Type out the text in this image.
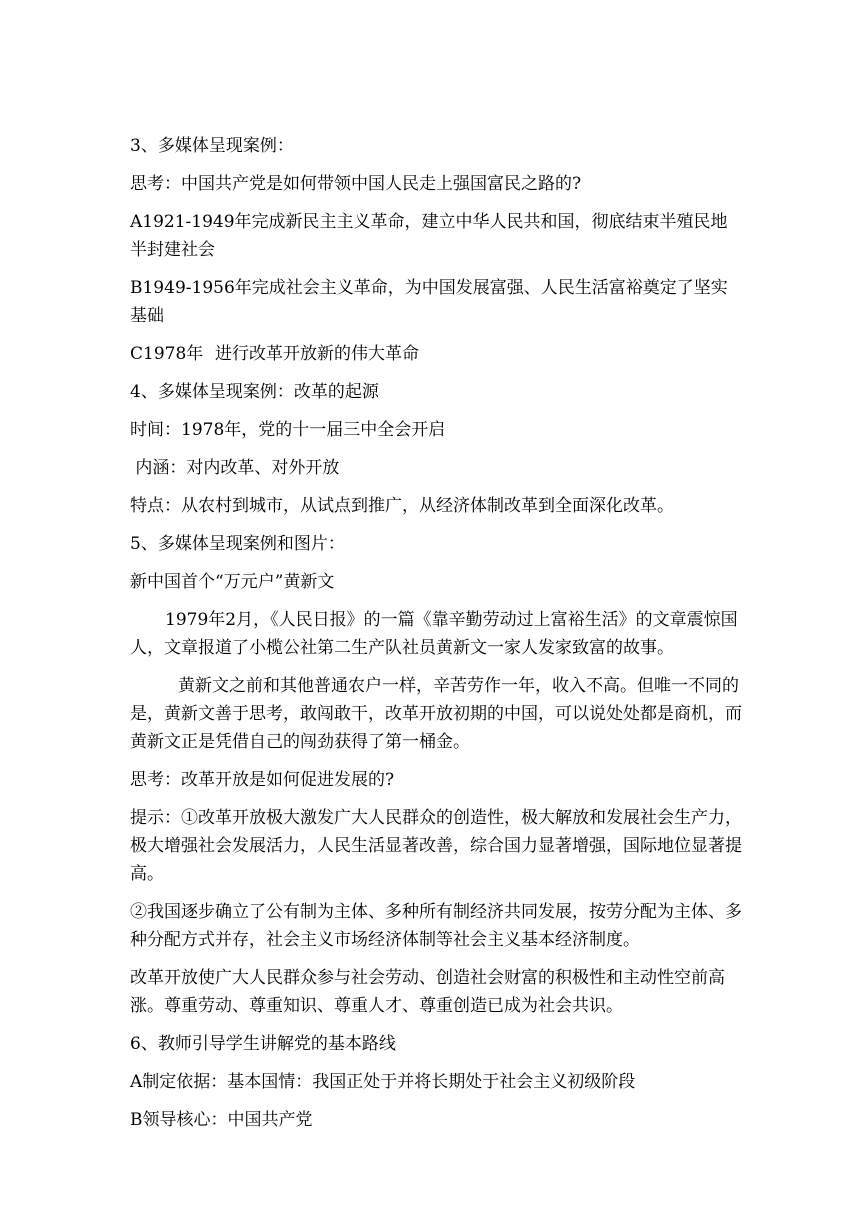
3、多媒体呈现案例：

思考：中国共产党是如何带领中国人民走上强国富民之路的?

A1921-1949年完成新民主主义革命，建立中华人民共和国，彻底结束半殖民地半封建社会

B1949-1956年完成社会主义革命，为中国发展富强、人民生活富裕奠定了坚实基础

C1978年 进行改革开放新的伟大革命

4、多媒体呈现案例：改革的起源

时间：1978年，党的十一届三中全会开启

内涵：对内改革、对外开放

特点：从农村到城市，从试点到推广，从经济体制改革到全面深化改革。

5、多媒体呈现案例和图片：

新中国首个“万元户”黄新文

1979年2月，《人民日报》的一篇《靠辛勤劳动过上富裕生活》的文章震惊国人，文章报道了小榄公社第二生产队社员黄新文一家人发家致富的故事。

黄新文之前和其他普通农户一样，辛苦劳作一年，收入不高。但唯一不同的是，黄新文善于思考，敢闯敢干，改革开放初期的中国，可以说处处都是商机，而黄新文正是凭借自己的闯劲获得了第一桶金。

思考：改革开放是如何促进发展的?

提示：①改革开放极大激发广大人民群众的创造性，极大解放和发展社会生产力，极大增强社会发展活力，人民生活显著改善，综合国力显著增强，国际地位显著提高。

②我国逐步确立了公有制为主体、多种所有制经济共同发展，按劳分配为主体、多种分配方式并存，社会主义市场经济体制等社会主义基本经济制度。

改革开放使广大人民群众参与社会劳动、创造社会财富的积极性和主动性空前高涨。尊重劳动、尊重知识、尊重人才、尊重创造已成为社会共识。

6、教师引导学生讲解党的基本路线

A制定依据：基本国情：我国正处于并将长期处于社会主义初级阶段

B领导核心：中国共产党
